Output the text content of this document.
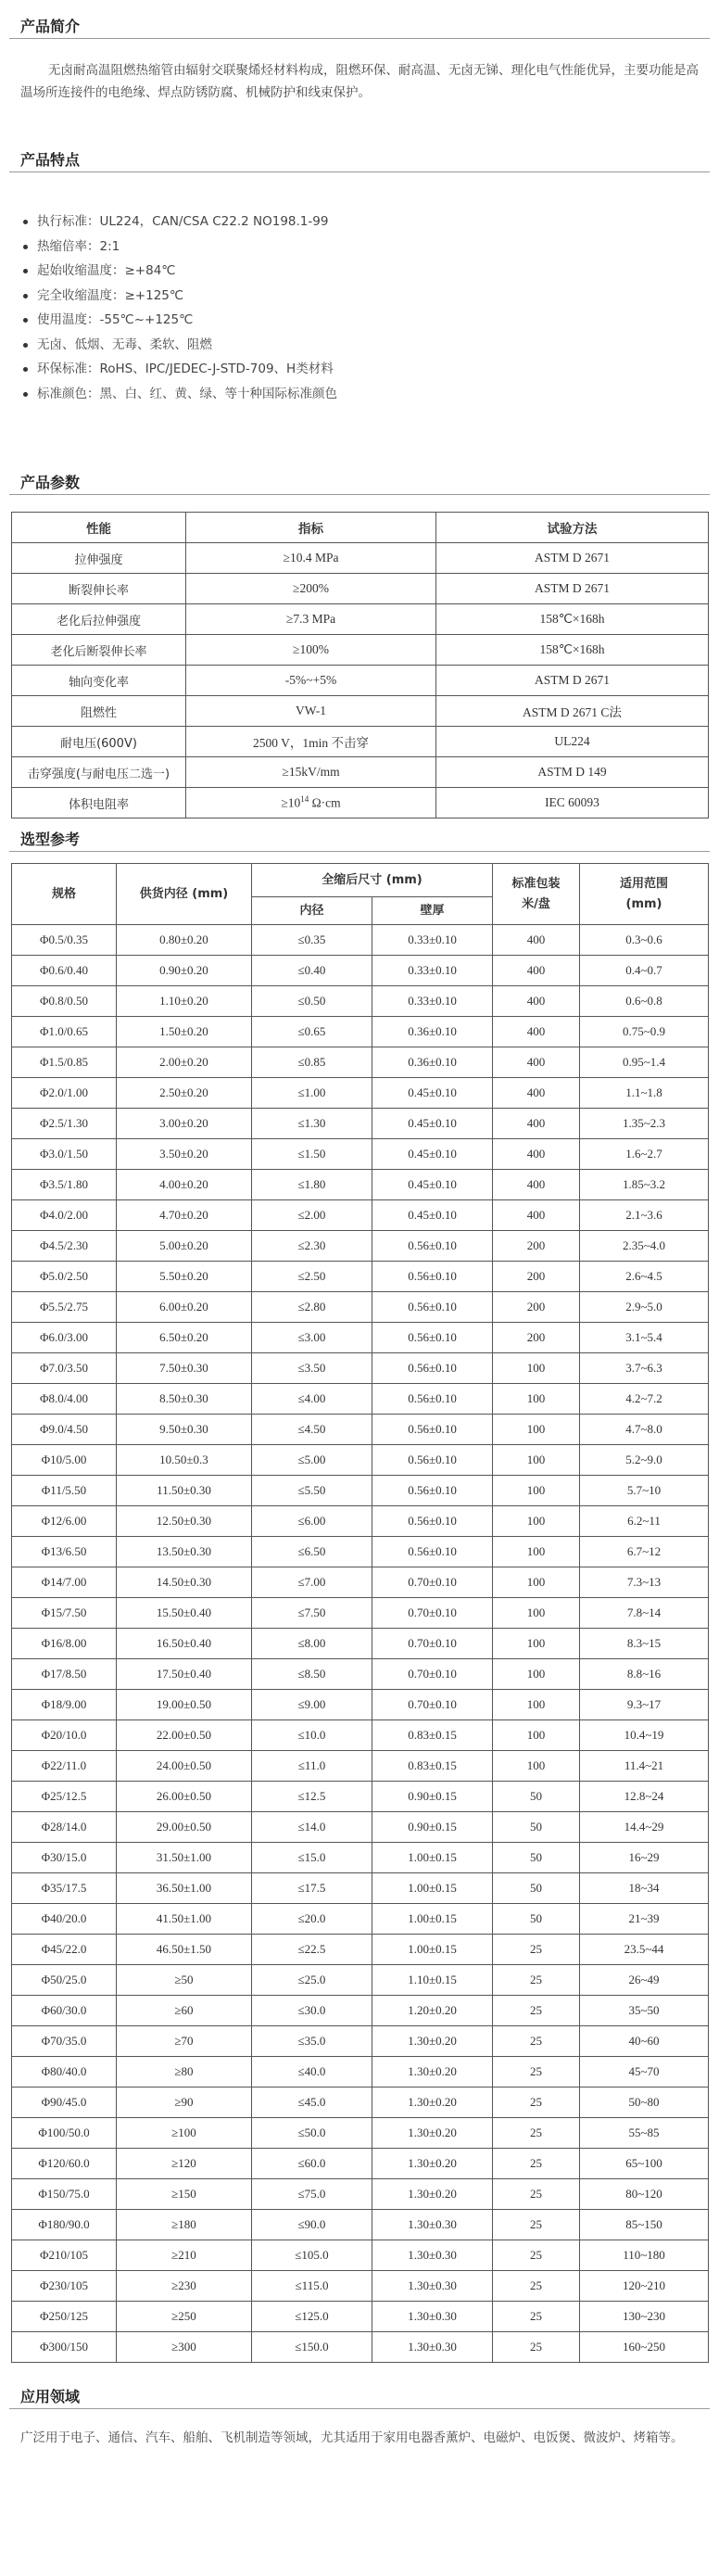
产品简介
无卤耐高温阻燃热缩管由辐射交联聚烯烃材料构成，阻燃环保、耐高温、无卤无锑、理化电气性能优异，主要功能是高温场所连接件的电绝缘、焊点防锈防腐、机械防护和线束保护。
产品特点
执行标准：UL224，CAN/CSA C22.2 NO198.1-99
热缩倍率：2:1
起始收缩温度：≥+84℃
完全收缩温度：≥+125℃
使用温度：-55℃~+125℃
无卤、低烟、无毒、柔软、阻燃
环保标准：RoHS、IPC/JEDEC-J-STD-709、H类材料
标准颜色：黑、白、红、黄、绿、等十种国际标准颜色
产品参数
性能	指标	试验方法
拉伸强度	≥10.4 MPa	ASTM D 2671
断裂伸长率	≥200%	ASTM D 2671
老化后拉伸强度	≥7.3 MPa	158℃×168h
老化后断裂伸长率	≥100%	158℃×168h
轴向变化率	-5%~+5%	ASTM D 2671
阻燃性	VW-1	ASTM D 2671 C法
耐电压(600V)	2500 V，1min 不击穿	UL224
击穿强度(与耐电压二选一)	≥15kV/mm	ASTM D 149
体积电阻率	$\ge 10^{14}$ Ω·cm	IEC 60093
选型参考
规格	供货内径 (mm)	全缩后尺寸 (mm)		标准包装米/盘	适用范围(mm)
		内径	壁厚		
Φ0.5/0.35	0.80±0.20	≤0.35	0.33±0.10	400	0.3~0.6
Φ0.6/0.40	0.90±0.20	≤0.40	0.33±0.10	400	0.4~0.7
Φ0.8/0.50	1.10±0.20	≤0.50	0.33±0.10	400	0.6~0.8
Φ1.0/0.65	1.50±0.20	≤0.65	0.36±0.10	400	0.75~0.9
Φ1.5/0.85	2.00±0.20	≤0.85	0.36±0.10	400	0.95~1.4
Φ2.0/1.00	2.50±0.20	≤1.00	0.45±0.10	400	1.1~1.8
Φ2.5/1.30	3.00±0.20	≤1.30	0.45±0.10	400	1.35~2.3
Φ3.0/1.50	3.50±0.20	≤1.50	0.45±0.10	400	1.6~2.7
Φ3.5/1.80	4.00±0.20	≤1.80	0.45±0.10	400	1.85~3.2
Φ4.0/2.00	4.70±0.20	≤2.00	0.45±0.10	400	2.1~3.6
Φ4.5/2.30	5.00±0.20	≤2.30	0.56±0.10	200	2.35~4.0
Φ5.0/2.50	5.50±0.20	≤2.50	0.56±0.10	200	2.6~4.5
Φ5.5/2.75	6.00±0.20	≤2.80	0.56±0.10	200	2.9~5.0
Φ6.0/3.00	6.50±0.20	≤3.00	0.56±0.10	200	3.1~5.4
Φ7.0/3.50	7.50±0.30	≤3.50	0.56±0.10	100	3.7~6.3
Φ8.0/4.00	8.50±0.30	≤4.00	0.56±0.10	100	4.2~7.2
Φ9.0/4.50	9.50±0.30	≤4.50	0.56±0.10	100	4.7~8.0
Φ10/5.00	10.50±0.3	≤5.00	0.56±0.10	100	5.2~9.0
Φ11/5.50	11.50±0.30	≤5.50	0.56±0.10	100	5.7~10
Φ12/6.00	12.50±0.30	≤6.00	0.56±0.10	100	6.2~11
Φ13/6.50	13.50±0.30	≤6.50	0.56±0.10	100	6.7~12
Φ14/7.00	14.50±0.30	≤7.00	0.70±0.10	100	7.3~13
Φ15/7.50	15.50±0.40	≤7.50	0.70±0.10	100	7.8~14
Φ16/8.00	16.50±0.40	≤8.00	0.70±0.10	100	8.3~15
Φ17/8.50	17.50±0.40	≤8.50	0.70±0.10	100	8.8~16
Φ18/9.00	19.00±0.50	≤9.00	0.70±0.10	100	9.3~17
Φ20/10.0	22.00±0.50	≤10.0	0.83±0.15	100	10.4~19
Φ22/11.0	24.00±0.50	≤11.0	0.83±0.15	100	11.4~21
Φ25/12.5	26.00±0.50	≤12.5	0.90±0.15	50	12.8~24
Φ28/14.0	29.00±0.50	≤14.0	0.90±0.15	50	14.4~29
Φ30/15.0	31.50±1.00	≤15.0	1.00±0.15	50	16~29
Φ35/17.5	36.50±1.00	≤17.5	1.00±0.15	50	18~34
Φ40/20.0	41.50±1.00	≤20.0	1.00±0.15	50	21~39
Φ45/22.0	46.50±1.50	≤22.5	1.00±0.15	25	23.5~44
Φ50/25.0	≥50	≤25.0	1.10±0.15	25	26~49
Φ60/30.0	≥60	≤30.0	1.20±0.20	25	35~50
Φ70/35.0	≥70	≤35.0	1.30±0.20	25	40~60
Φ80/40.0	≥80	≤40.0	1.30±0.20	25	45~70
Φ90/45.0	≥90	≤45.0	1.30±0.20	25	50~80
Φ100/50.0	≥100	≤50.0	1.30±0.20	25	55~85
Φ120/60.0	≥120	≤60.0	1.30±0.20	25	65~100
Φ150/75.0	≥150	≤75.0	1.30±0.20	25	80~120
Φ180/90.0	≥180	≤90.0	1.30±0.30	25	85~150
Φ210/105	≥210	≤105.0	1.30±0.30	25	110~180
Φ230/105	≥230	≤115.0	1.30±0.30	25	120~210
Φ250/125	≥250	≤125.0	1.30±0.30	25	130~230
Φ300/150	≥300	≤150.0	1.30±0.30	25	160~250
应用领域
广泛用于电子、通信、汽车、船舶、飞机制造等领域，尤其适用于家用电器香薰炉、电磁炉、电饭煲、微波炉、烤箱等。
